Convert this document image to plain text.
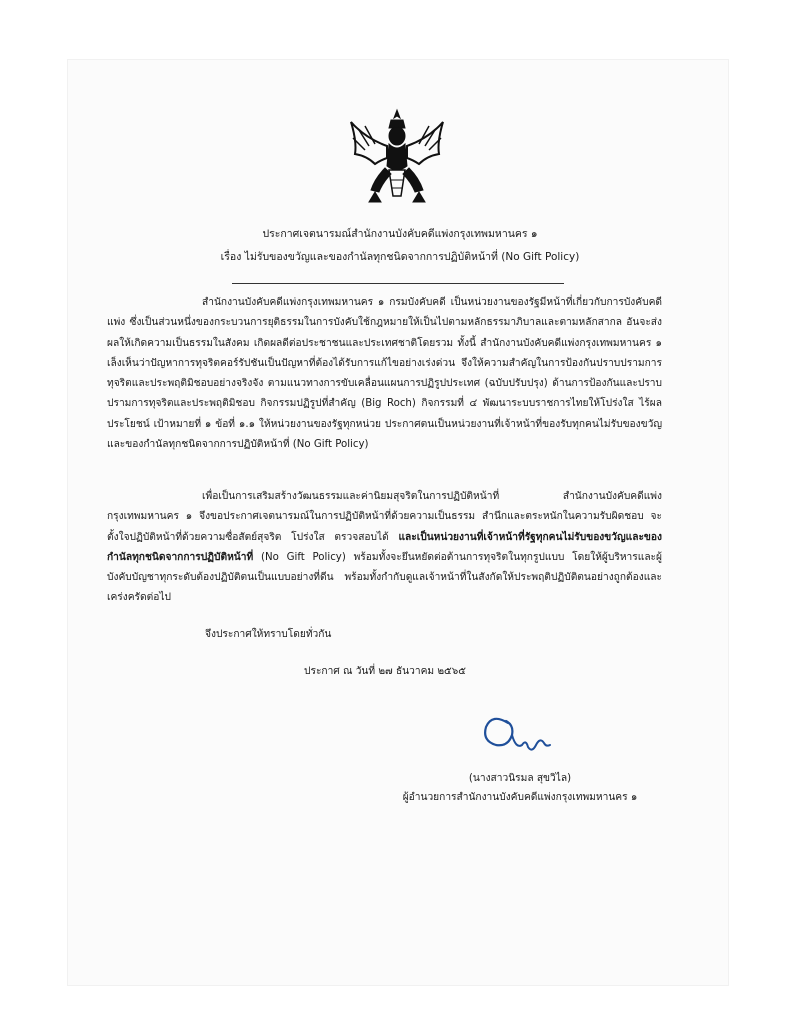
ประกาศเจตนารมณ์สำนักงานบังคับคดีแพ่งกรุงเทพมหานคร ๑
เรื่อง ไม่รับของขวัญและของกำนัลทุกชนิดจากการปฏิบัติหน้าที่ (No Gift Policy)
สำนักงานบังคับคดีแพ่งกรุงเทพมหานคร ๑ กรมบังคับคดี เป็นหน่วยงานของรัฐมีหน้าที่เกี่ยวกับการบังคับคดีแพ่ง ซึ่งเป็นส่วนหนึ่งของกระบวนการยุติธรรมในการบังคับใช้กฎหมายให้เป็นไปตามหลักธรรมาภิบาลและตามหลักสากล อันจะส่งผลให้เกิดความเป็นธรรมในสังคม เกิดผลดีต่อประชาชนและประเทศชาติโดยรวม ทั้งนี้ สำนักงานบังคับคดีแพ่งกรุงเทพมหานคร ๑ เล็งเห็นว่าปัญหาการทุจริตคอร์รัปชันเป็นปัญหาที่ต้องได้รับการแก้ไขอย่างเร่งด่วน จึงให้ความสำคัญในการป้องกันปราบปรามการทุจริตและประพฤติมิชอบอย่างจริงจัง ตามแนวทางการขับเคลื่อนแผนการปฏิรูปประเทศ (ฉบับปรับปรุง) ด้านการป้องกันและปราบปรามการทุจริตและประพฤติมิชอบ กิจกรรมปฏิรูปที่สำคัญ (Big Roch) กิจกรรมที่ ๔ พัฒนาระบบราชการไทยให้โปร่งใส ไร้ผลประโยชน์ เป้าหมายที่ ๑ ข้อที่ ๑.๑ ให้หน่วยงานของรัฐทุกหน่วย ประกาศตนเป็นหน่วยงานที่เจ้าหน้าที่ของรับทุกคนไม่รับของขวัญ และของกำนัลทุกชนิดจากการปฏิบัติหน้าที่ (No Gift Policy)
เพื่อเป็นการเสริมสร้างวัฒนธรรมและค่านิยมสุจริตในการปฏิบัติหน้าที่ สำนักงานบังคับคดีแพ่งกรุงเทพมหานคร ๑ จึงขอประกาศเจตนารมณ์ในการปฏิบัติหน้าที่ด้วยความเป็นธรรม สำนึกและตระหนักในความรับผิดชอบ จะตั้งใจปฏิบัติหน้าที่ด้วยความซื่อสัตย์สุจริต โปร่งใส ตรวจสอบได้ และเป็นหน่วยงานที่เจ้าหน้าที่รัฐทุกคนไม่รับของขวัญและของกำนัลทุกชนิดจากการปฏิบัติหน้าที่ (No Gift Policy) พร้อมทั้งจะยึนหยัดต่อต้านการทุจริตในทุกรูปแบบ โดยให้ผู้บริหารและผู้บังคับบัญชาทุกระดับต้องปฏิบัติตนเป็นแบบอย่างที่ดีน พร้อมทั้งกำกับดูแลเจ้าหน้าที่ในสังกัดให้ประพฤติปฏิบัติตนอย่างถูกต้องและเคร่งครัดต่อไป
จึงประกาศให้ทราบโดยทั่วกัน
ประกาศ ณ วันที่ ๒๗ ธันวาคม ๒๕๖๕
(นางสาวนิรมล สุขวิไล)
ผู้อำนวยการสำนักงานบังคับคดีแพ่งกรุงเทพมหานคร ๑
